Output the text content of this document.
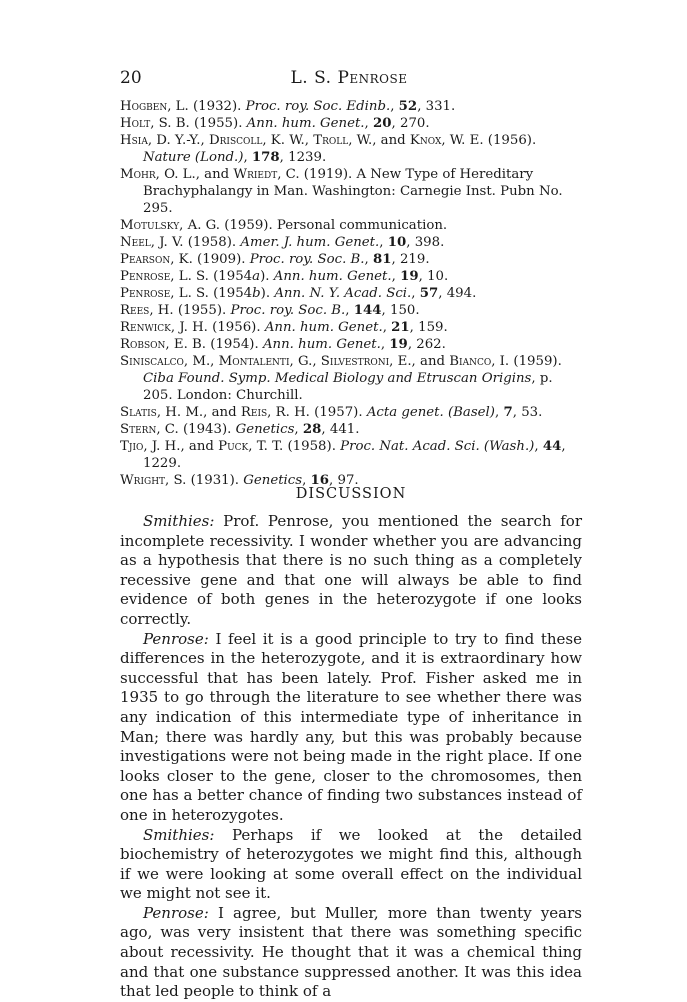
20	L. S. Penrose
Hogben, L. (1932). Proc. roy. Soc. Edinb., 52, 331.
Holt, S. B. (1955). Ann. hum. Genet., 20, 270.
Hsia, D. Y.-Y., Driscoll, K. W., Troll, W., and Knox, W. E. (1956). Nature (Lond.), 178, 1239.
Mohr, O. L., and Wriedt, C. (1919). A New Type of Hereditary Brachyphalangy in Man. Washington: Carnegie Inst. Pubn No. 295.
Motulsky, A. G. (1959). Personal communication.
Neel, J. V. (1958). Amer. J. hum. Genet., 10, 398.
Pearson, K. (1909). Proc. roy. Soc. B., 81, 219.
Penrose, L. S. (1954a). Ann. hum. Genet., 19, 10.
Penrose, L. S. (1954b). Ann. N. Y. Acad. Sci., 57, 494.
Rees, H. (1955). Proc. roy. Soc. B., 144, 150.
Renwick, J. H. (1956). Ann. hum. Genet., 21, 159.
Robson, E. B. (1954). Ann. hum. Genet., 19, 262.
Siniscalco, M., Montalenti, G., Silvestroni, E., and Bianco, I. (1959). Ciba Found. Symp. Medical Biology and Etruscan Origins, p. 205. London: Churchill.
Slatis, H. M., and Reis, R. H. (1957). Acta genet. (Basel), 7, 53.
Stern, C. (1943). Genetics, 28, 441.
Tjio, J. H., and Puck, T. T. (1958). Proc. Nat. Acad. Sci. (Wash.), 44, 1229.
Wright, S. (1931). Genetics, 16, 97.
DISCUSSION

Smithies: Prof. Penrose, you mentioned the search for incomplete recessivity. I wonder whether you are advancing as a hypothesis that there is no such thing as a completely recessive gene and that one will always be able to find evidence of both genes in the heterozygote if one looks correctly.

Penrose: I feel it is a good principle to try to find these differences in the heterozygote, and it is extraordinary how successful that has been lately. Prof. Fisher asked me in 1935 to go through the literature to see whether there was any indication of this intermediate type of inheritance in Man; there was hardly any, but this was probably because investigations were not being made in the right place. If one looks closer to the gene, closer to the chromosomes, then one has a better chance of finding two substances instead of one in heterozygotes.

Smithies: Perhaps if we looked at the detailed biochemistry of heterozygotes we might find this, although if we were looking at some overall effect on the individual we might not see it.

Penrose: I agree, but Muller, more than twenty years ago, was very insistent that there was something specific about recessivity. He thought that it was a chemical thing and that one substance suppressed another. It was this idea that led people to think of a
